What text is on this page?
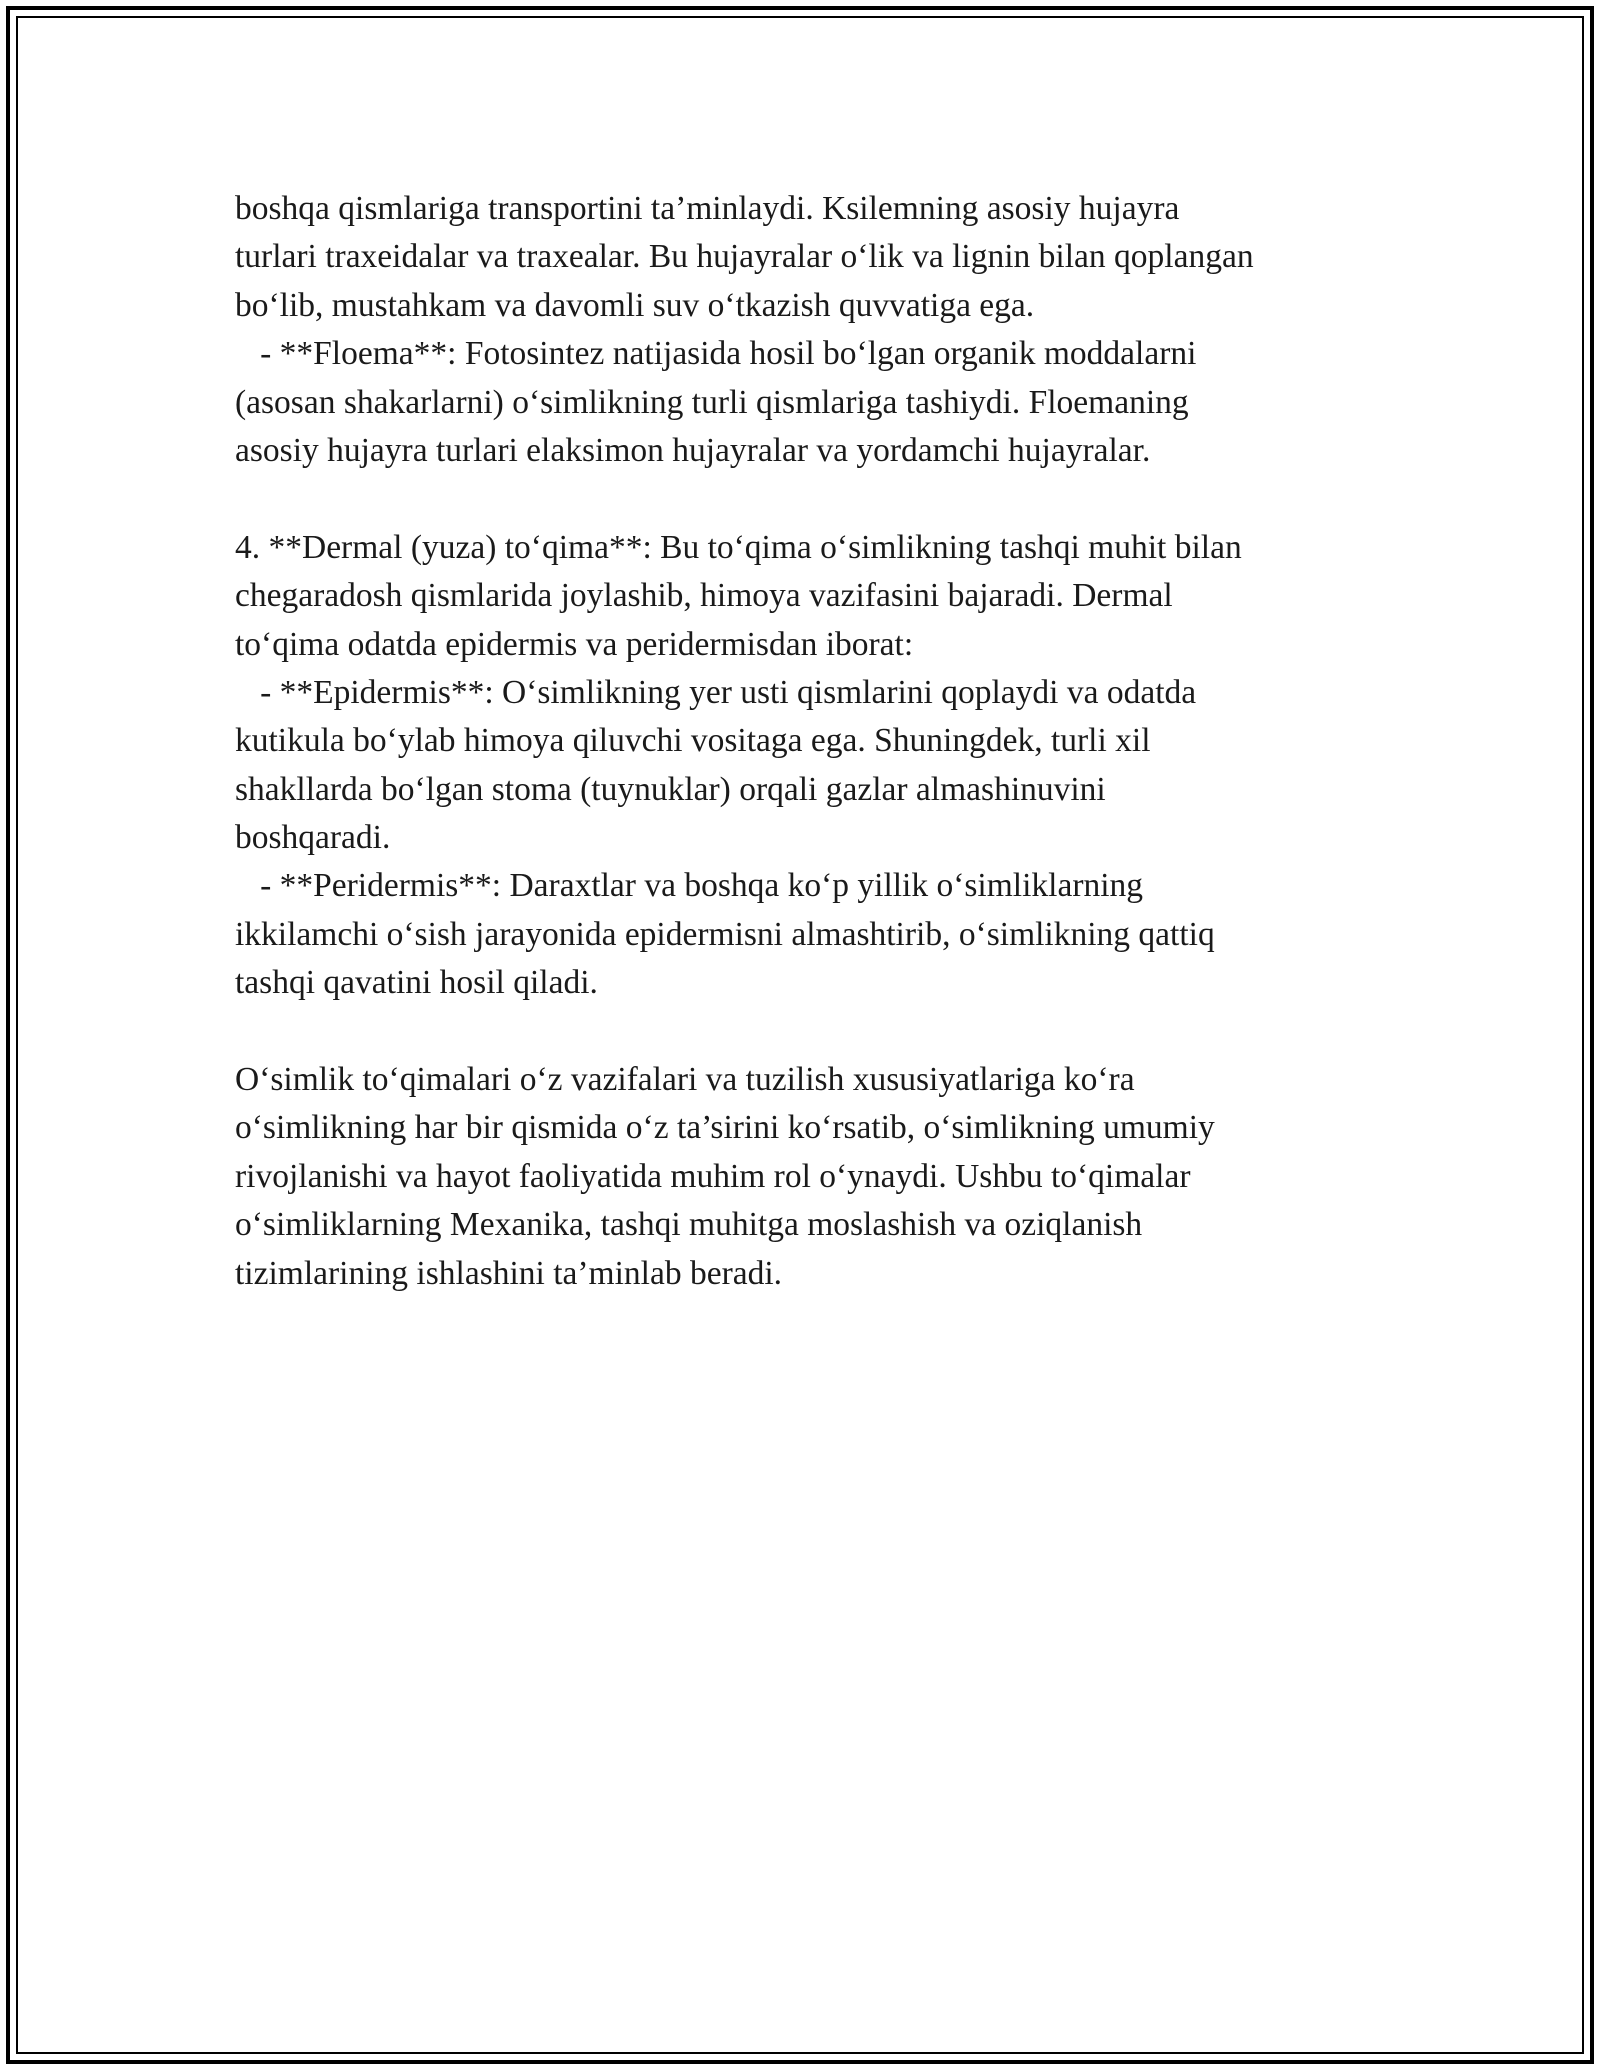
boshqa qismlariga transportini ta’minlaydi. Ksilemning asosiy hujayra
turlari traxeidalar va traxealar. Bu hujayralar o‘lik va lignin bilan qoplangan
bo‘lib, mustahkam va davomli suv o‘tkazish quvvatiga ega.
- **Floema**: Fotosintez natijasida hosil bo‘lgan organik moddalarni
(asosan shakarlarni) o‘simlikning turli qismlariga tashiydi. Floemaning
asosiy hujayra turlari elaksimon hujayralar va yordamchi hujayralar.
4. **Dermal (yuza) to‘qima**: Bu to‘qima o‘simlikning tashqi muhit bilan
chegaradosh qismlarida joylashib, himoya vazifasini bajaradi. Dermal
to‘qima odatda epidermis va peridermisdan iborat:
- **Epidermis**: O‘simlikning yer usti qismlarini qoplaydi va odatda
kutikula bo‘ylab himoya qiluvchi vositaga ega. Shuningdek, turli xil
shakllarda bo‘lgan stoma (tuynuklar) orqali gazlar almashinuvini
boshqaradi.
- **Peridermis**: Daraxtlar va boshqa ko‘p yillik o‘simliklarning
ikkilamchi o‘sish jarayonida epidermisni almashtirib, o‘simlikning qattiq
tashqi qavatini hosil qiladi.
O‘simlik to‘qimalari o‘z vazifalari va tuzilish xususiyatlariga ko‘ra
o‘simlikning har bir qismida o‘z ta’sirini ko‘rsatib, o‘simlikning umumiy
rivojlanishi va hayot faoliyatida muhim rol o‘ynaydi. Ushbu to‘qimalar
o‘simliklarning Mexanika, tashqi muhitga moslashish va oziqlanish
tizimlarining ishlashini ta’minlab beradi.
